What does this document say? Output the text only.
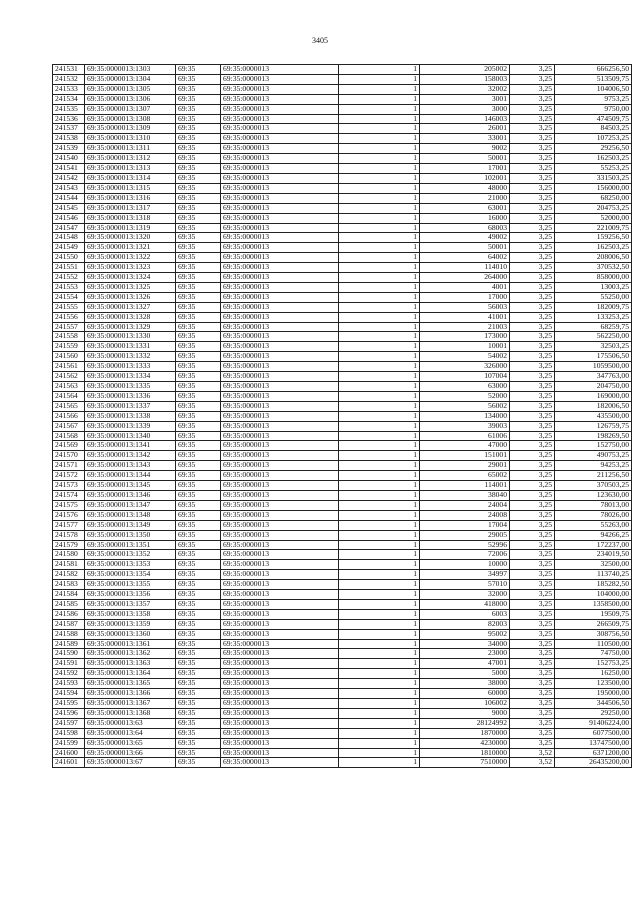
3405
241531	69:35:0000013:1303	69:35	69:35:0000013	1	205002	3,25	666256,50
241532	69:35:0000013:1304	69:35	69:35:0000013	1	158003	3,25	513509,75
241533	69:35:0000013:1305	69:35	69:35:0000013	1	32002	3,25	104006,50
241534	69:35:0000013:1306	69:35	69:35:0000013	1	3001	3,25	9753,25
241535	69:35:0000013:1307	69:35	69:35:0000013	1	3000	3,25	9750,00
241536	69:35:0000013:1308	69:35	69:35:0000013	1	146003	3,25	474509,75
241537	69:35:0000013:1309	69:35	69:35:0000013	1	26001	3,25	84503,25
241538	69:35:0000013:1310	69:35	69:35:0000013	1	33001	3,25	107253,25
241539	69:35:0000013:1311	69:35	69:35:0000013	1	9002	3,25	29256,50
241540	69:35:0000013:1312	69:35	69:35:0000013	1	50001	3,25	162503,25
241541	69:35:0000013:1313	69:35	69:35:0000013	1	17001	3,25	55253,25
241542	69:35:0000013:1314	69:35	69:35:0000013	1	102001	3,25	331503,25
241543	69:35:0000013:1315	69:35	69:35:0000013	1	48000	3,25	156000,00
241544	69:35:0000013:1316	69:35	69:35:0000013	1	21000	3,25	68250,00
241545	69:35:0000013:1317	69:35	69:35:0000013	1	63001	3,25	204753,25
241546	69:35:0000013:1318	69:35	69:35:0000013	1	16000	3,25	52000,00
241547	69:35:0000013:1319	69:35	69:35:0000013	1	68003	3,25	221009,75
241548	69:35:0000013:1320	69:35	69:35:0000013	1	49002	3,25	159256,50
241549	69:35:0000013:1321	69:35	69:35:0000013	1	50001	3,25	162503,25
241550	69:35:0000013:1322	69:35	69:35:0000013	1	64002	3,25	208006,50
241551	69:35:0000013:1323	69:35	69:35:0000013	1	114010	3,25	370532,50
241552	69:35:0000013:1324	69:35	69:35:0000013	1	264000	3,25	858000,00
241553	69:35:0000013:1325	69:35	69:35:0000013	1	4001	3,25	13003,25
241554	69:35:0000013:1326	69:35	69:35:0000013	1	17000	3,25	55250,00
241555	69:35:0000013:1327	69:35	69:35:0000013	1	56003	3,25	182009,75
241556	69:35:0000013:1328	69:35	69:35:0000013	1	41001	3,25	133253,25
241557	69:35:0000013:1329	69:35	69:35:0000013	1	21003	3,25	68259,75
241558	69:35:0000013:1330	69:35	69:35:0000013	1	173000	3,25	562250,00
241559	69:35:0000013:1331	69:35	69:35:0000013	1	10001	3,25	32503,25
241560	69:35:0000013:1332	69:35	69:35:0000013	1	54002	3,25	175506,50
241561	69:35:0000013:1333	69:35	69:35:0000013	1	326000	3,25	1059500,00
241562	69:35:0000013:1334	69:35	69:35:0000013	1	107004	3,25	347763,00
241563	69:35:0000013:1335	69:35	69:35:0000013	1	63000	3,25	204750,00
241564	69:35:0000013:1336	69:35	69:35:0000013	1	52000	3,25	169000,00
241565	69:35:0000013:1337	69:35	69:35:0000013	1	56002	3,25	182006,50
241566	69:35:0000013:1338	69:35	69:35:0000013	1	134000	3,25	435500,00
241567	69:35:0000013:1339	69:35	69:35:0000013	1	39003	3,25	126759,75
241568	69:35:0000013:1340	69:35	69:35:0000013	1	61006	3,25	198269,50
241569	69:35:0000013:1341	69:35	69:35:0000013	1	47000	3,25	152750,00
241570	69:35:0000013:1342	69:35	69:35:0000013	1	151001	3,25	490753,25
241571	69:35:0000013:1343	69:35	69:35:0000013	1	29001	3,25	94253,25
241572	69:35:0000013:1344	69:35	69:35:0000013	1	65002	3,25	211256,50
241573	69:35:0000013:1345	69:35	69:35:0000013	1	114001	3,25	370503,25
241574	69:35:0000013:1346	69:35	69:35:0000013	1	38040	3,25	123630,00
241575	69:35:0000013:1347	69:35	69:35:0000013	1	24004	3,25	78013,00
241576	69:35:0000013:1348	69:35	69:35:0000013	1	24008	3,25	78026,00
241577	69:35:0000013:1349	69:35	69:35:0000013	1	17004	3,25	55263,00
241578	69:35:0000013:1350	69:35	69:35:0000013	1	29005	3,25	94266,25
241579	69:35:0000013:1351	69:35	69:35:0000013	1	52996	3,25	172237,00
241580	69:35:0000013:1352	69:35	69:35:0000013	1	72006	3,25	234019,50
241581	69:35:0000013:1353	69:35	69:35:0000013	1	10000	3,25	32500,00
241582	69:35:0000013:1354	69:35	69:35:0000013	1	34997	3,25	113740,25
241583	69:35:0000013:1355	69:35	69:35:0000013	1	57010	3,25	185282,50
241584	69:35:0000013:1356	69:35	69:35:0000013	1	32000	3,25	104000,00
241585	69:35:0000013:1357	69:35	69:35:0000013	1	418000	3,25	1358500,00
241586	69:35:0000013:1358	69:35	69:35:0000013	1	6003	3,25	19509,75
241587	69:35:0000013:1359	69:35	69:35:0000013	1	82003	3,25	266509,75
241588	69:35:0000013:1360	69:35	69:35:0000013	1	95002	3,25	308756,50
241589	69:35:0000013:1361	69:35	69:35:0000013	1	34000	3,25	110500,00
241590	69:35:0000013:1362	69:35	69:35:0000013	1	23000	3,25	74750,00
241591	69:35:0000013:1363	69:35	69:35:0000013	1	47001	3,25	152753,25
241592	69:35:0000013:1364	69:35	69:35:0000013	1	5000	3,25	16250,00
241593	69:35:0000013:1365	69:35	69:35:0000013	1	38000	3,25	123500,00
241594	69:35:0000013:1366	69:35	69:35:0000013	1	60000	3,25	195000,00
241595	69:35:0000013:1367	69:35	69:35:0000013	1	106002	3,25	344506,50
241596	69:35:0000013:1368	69:35	69:35:0000013	1	9000	3,25	29250,00
241597	69:35:0000013:63	69:35	69:35:0000013	1	28124992	3,25	91406224,00
241598	69:35:0000013:64	69:35	69:35:0000013	1	1870000	3,25	6077500,00
241599	69:35:0000013:65	69:35	69:35:0000013	1	4230000	3,25	13747500,00
241600	69:35:0000013:66	69:35	69:35:0000013	1	1810000	3,52	6371200,00
241601	69:35:0000013:67	69:35	69:35:0000013	1	7510000	3,52	26435200,00
